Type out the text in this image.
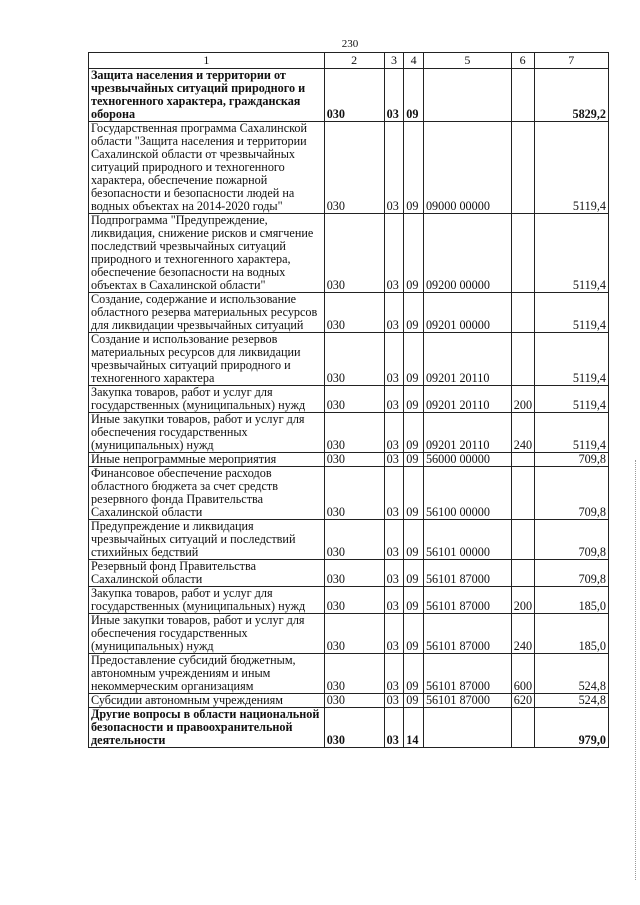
230
1	2	3	4	5	6	7
Защита населения и территории от чрезвычайных ситуаций природного и техногенного характера, гражданская оборона	030	03	09			5829,2
Государственная программа Сахалинской области "Защита населения и территории Сахалинской области от чрезвычайных ситуаций природного и техногенного характера, обеспечение пожарной безопасности и безопасности людей на водных объектах на 2014-2020 годы"	030	03	09	09000 00000		5119,4
Подпрограмма "Предупреждение, ликвидация, снижение рисков и смягчение последствий чрезвычайных ситуаций природного и техногенного характера, обеспечение безопасности на водных объектах в Сахалинской области"	030	03	09	09200 00000		5119,4
Создание, содержание и использование областного резерва материальных ресурсов для ликвидации чрезвычайных ситуаций	030	03	09	09201 00000		5119,4
Создание и использование резервов материальных ресурсов для ликвидации чрезвычайных ситуаций природного и техногенного характера	030	03	09	09201 20110		5119,4
Закупка товаров, работ и услуг для государственных (муниципальных) нужд	030	03	09	09201 20110	200	5119,4
Иные закупки товаров, работ и услуг для обеспечения государственных (муниципальных) нужд	030	03	09	09201 20110	240	5119,4
Иные непрограммные мероприятия	030	03	09	56000 00000		709,8
Финансовое обеспечение расходов областного бюджета за счет средств резервного фонда Правительства Сахалинской области	030	03	09	56100 00000		709,8
Предупреждение и ликвидация чрезвычайных ситуаций и последствий стихийных бедствий	030	03	09	56101 00000		709,8
Резервный фонд Правительства Сахалинской области	030	03	09	56101 87000		709,8
Закупка товаров, работ и услуг для государственных (муниципальных) нужд	030	03	09	56101 87000	200	185,0
Иные закупки товаров, работ и услуг для обеспечения государственных (муниципальных) нужд	030	03	09	56101 87000	240	185,0
Предоставление субсидий бюджетным, автономным учреждениям и иным некоммерческим организациям	030	03	09	56101 87000	600	524,8
Субсидии автономным учреждениям	030	03	09	56101 87000	620	524,8
Другие вопросы в области национальной безопасности и правоохранительной деятельности	030	03	14			979,0
